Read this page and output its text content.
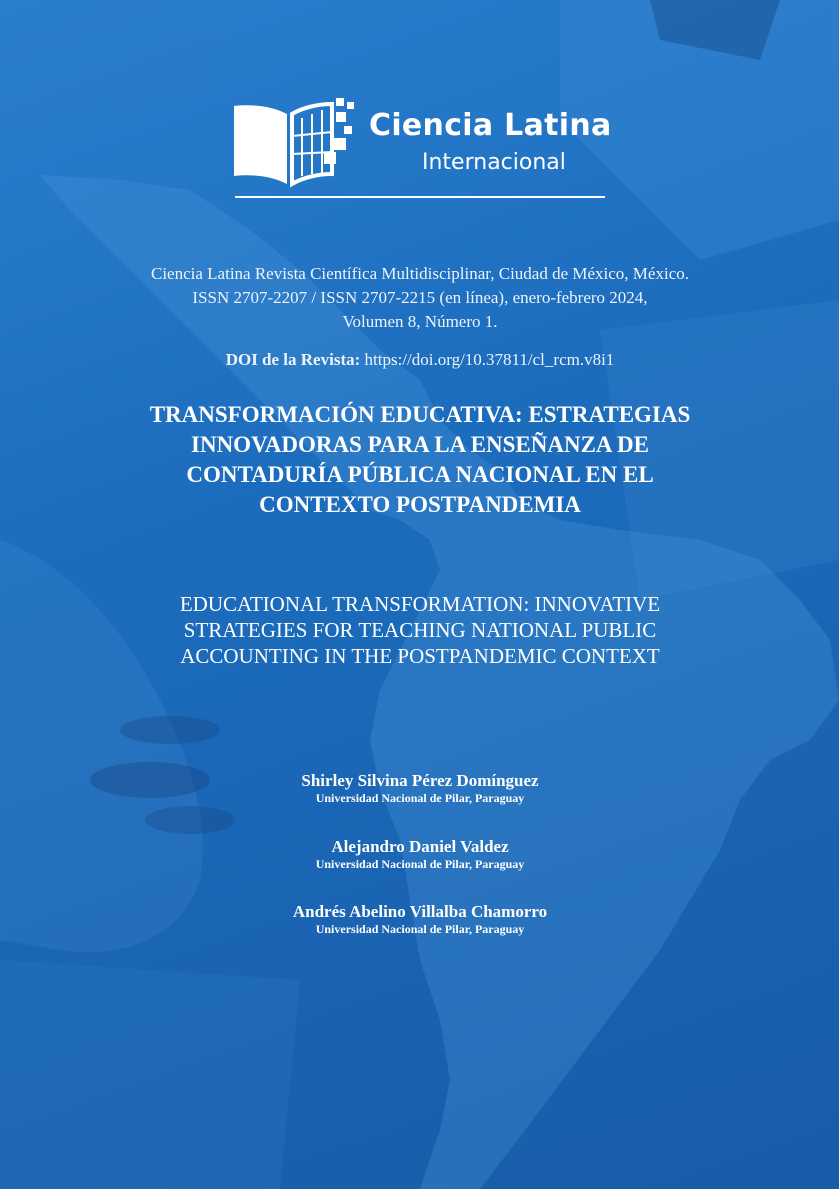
Ciencia Latina
Internacional
Ciencia Latina Revista Científica Multidisciplinar, Ciudad de México, México.
ISSN 2707-2207 / ISSN 2707-2215 (en línea), enero-febrero 2024,
Volumen 8, Número 1.
DOI de la Revista: https://doi.org/10.37811/cl_rcm.v8i1
TRANSFORMACIÓN EDUCATIVA: ESTRATEGIAS
INNOVADORAS PARA LA ENSEÑANZA DE
CONTADURÍA PÚBLICA NACIONAL EN EL
CONTEXTO POSTPANDEMIA
EDUCATIONAL TRANSFORMATION: INNOVATIVE
STRATEGIES FOR TEACHING NATIONAL PUBLIC
ACCOUNTING IN THE POSTPANDEMIC CONTEXT
Shirley Silvina Pérez Domínguez
Universidad Nacional de Pilar, Paraguay
Alejandro Daniel Valdez
Universidad Nacional de Pilar, Paraguay
Andrés Abelino Villalba Chamorro
Universidad Nacional de Pilar, Paraguay
